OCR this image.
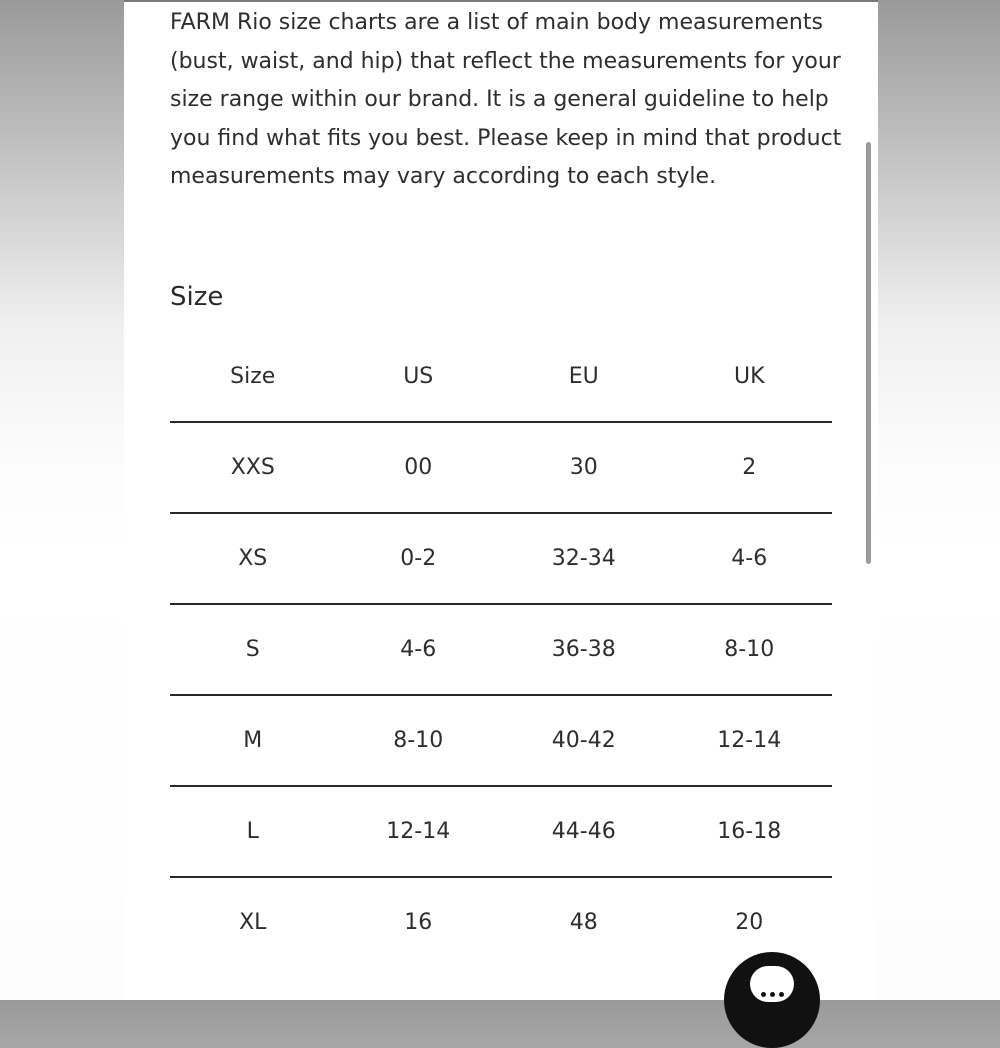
FARM Rio size charts are a list of main body measurements (bust, waist, and hip) that reflect the measurements for your size range within our brand. It is a general guideline to help you find what fits you best. Please keep in mind that product measurements may vary according to each style.

Size
Size	US	EU	UK
XXS	00	30	2
XS	0-2	32-34	4-6
S	4-6	36-38	8-10
M	8-10	40-42	12-14
L	12-14	44-46	16-18
XL	16	48	20
